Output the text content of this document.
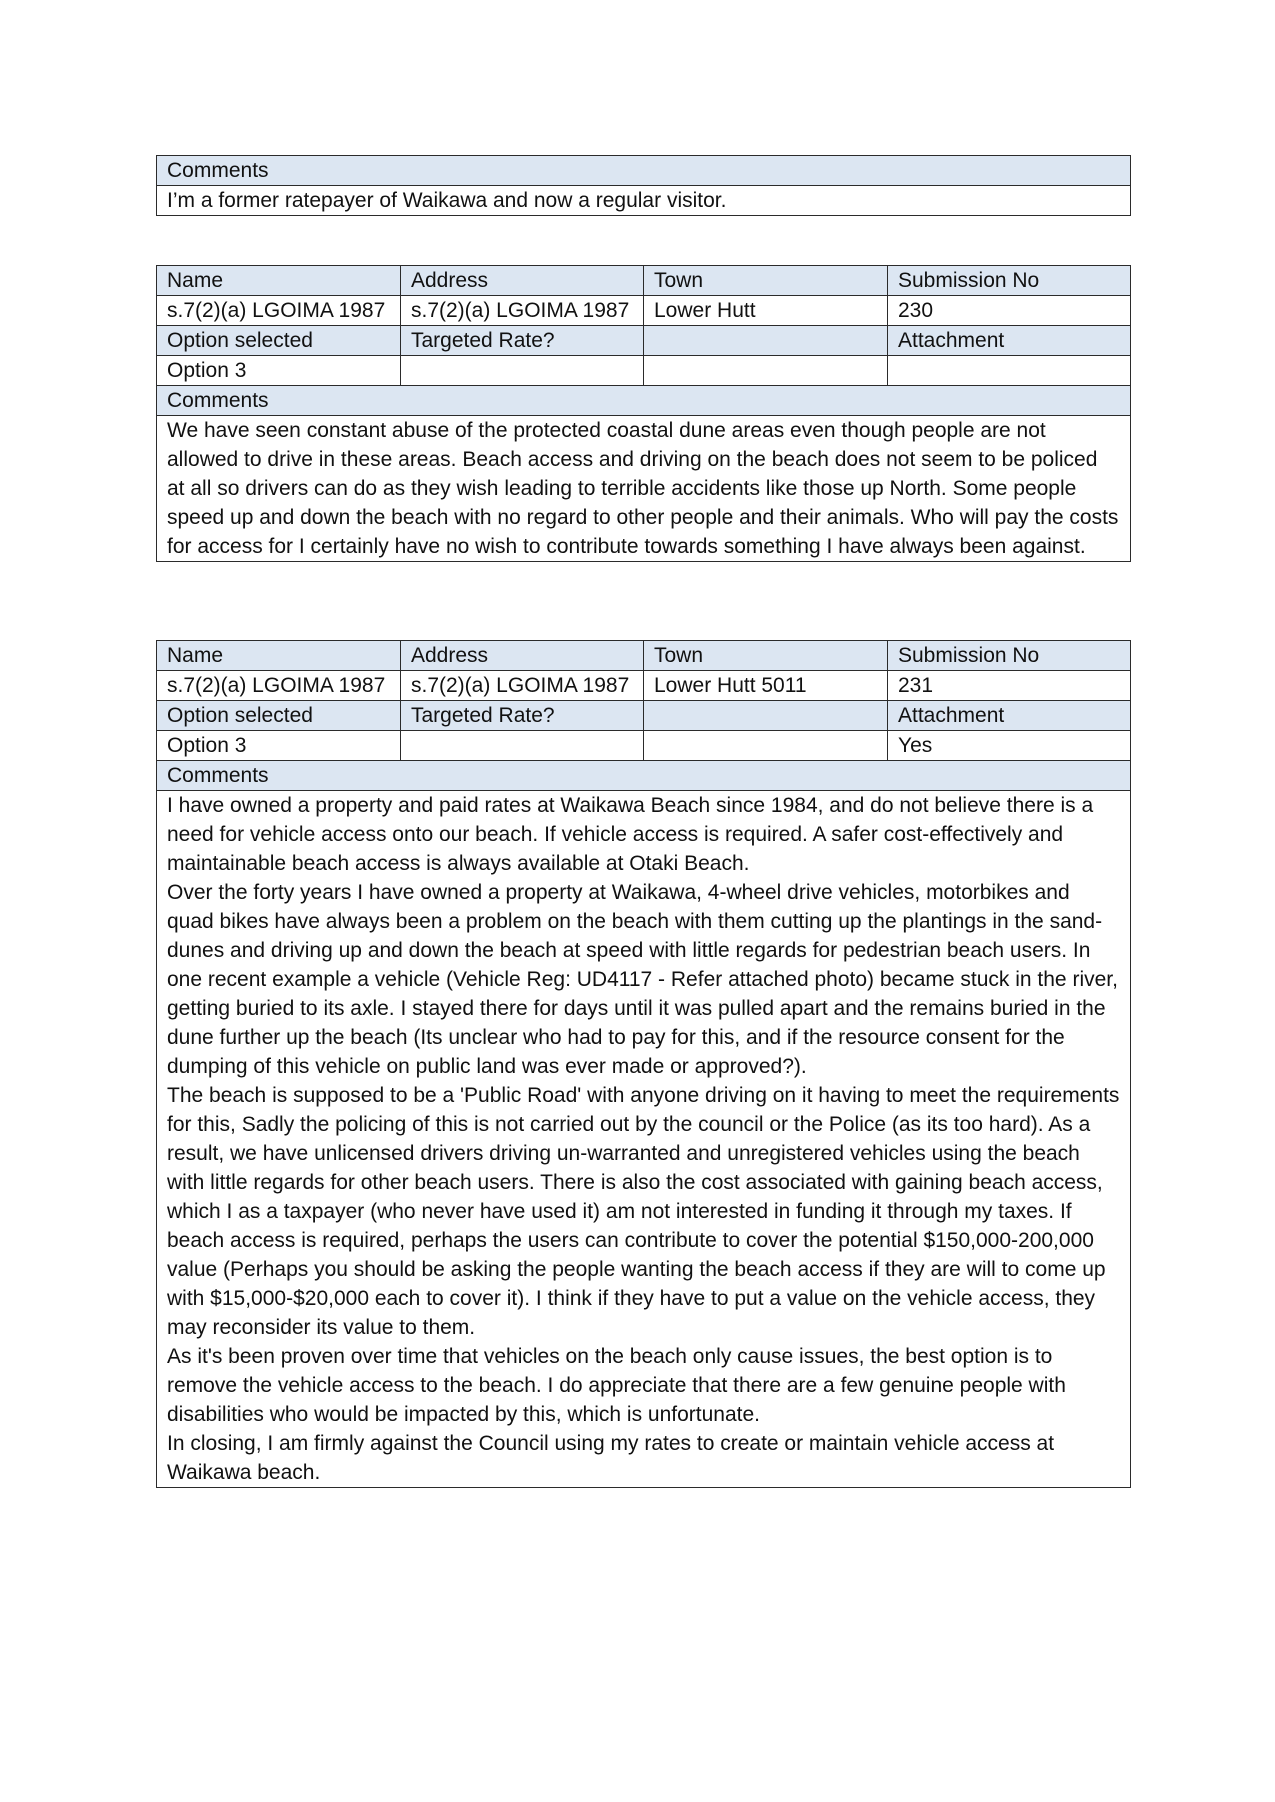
Comments
I’m a former ratepayer of Waikawa and now a regular visitor.
Name	Address	Town	Submission No
s.7(2)(a) LGOIMA 1987	s.7(2)(a) LGOIMA 1987	Lower Hutt	230
Option selected	Targeted Rate?		Attachment
Option 3			
Comments			

We have seen constant abuse of the protected coastal dune areas even though people are not allowed to drive in these areas. Beach access and driving on the beach does not seem to be policed at all so drivers can do as they wish leading to terrible accidents like those up North. Some people speed up and down the beach with no regard to other people and their animals. Who will pay the costs for access for I certainly have no wish to contribute towards something I have always been against.			
Name	Address	Town	Submission No
s.7(2)(a) LGOIMA 1987	s.7(2)(a) LGOIMA 1987	Lower Hutt 5011	231
Option selected	Targeted Rate?		Attachment
Option 3			Yes
Comments			

I have owned a property and paid rates at Waikawa Beach since 1984, and do not believe there is a need for vehicle access onto our beach. If vehicle access is required. A safer cost-effectively and maintainable beach access is always available at Otaki Beach.
Over the forty years I have owned a property at Waikawa, 4-wheel drive vehicles, motorbikes and quad bikes have always been a problem on the beach with them cutting up the plantings in the sand-dunes and driving up and down the beach at speed with little regards for pedestrian beach users. In one recent example a vehicle (Vehicle Reg: UD4117 - Refer attached photo) became stuck in the river, getting buried to its axle. I stayed there for days until it was pulled apart and the remains buried in the dune further up the beach (Its unclear who had to pay for this, and if the resource consent for the dumping of this vehicle on public land was ever made or approved?).
The beach is supposed to be a 'Public Road' with anyone driving on it having to meet the requirements for this, Sadly the policing of this is not carried out by the council or the Police (as its too hard). As a result, we have unlicensed drivers driving un-warranted and unregistered vehicles using the beach with little regards for other beach users. There is also the cost associated with gaining beach access, which I as a taxpayer (who never have used it) am not interested in funding it through my taxes. If beach access is required, perhaps the users can contribute to cover the potential $150,000-200,000 value (Perhaps you should be asking the people wanting the beach access if they are will to come up with $15,000-$20,000 each to cover it). I think if they have to put a value on the vehicle access, they may reconsider its value to them.
As it's been proven over time that vehicles on the beach only cause issues, the best option is to remove the vehicle access to the beach. I do appreciate that there are a few genuine people with disabilities who would be impacted by this, which is unfortunate.
In closing, I am firmly against the Council using my rates to create or maintain vehicle access at Waikawa beach.			
